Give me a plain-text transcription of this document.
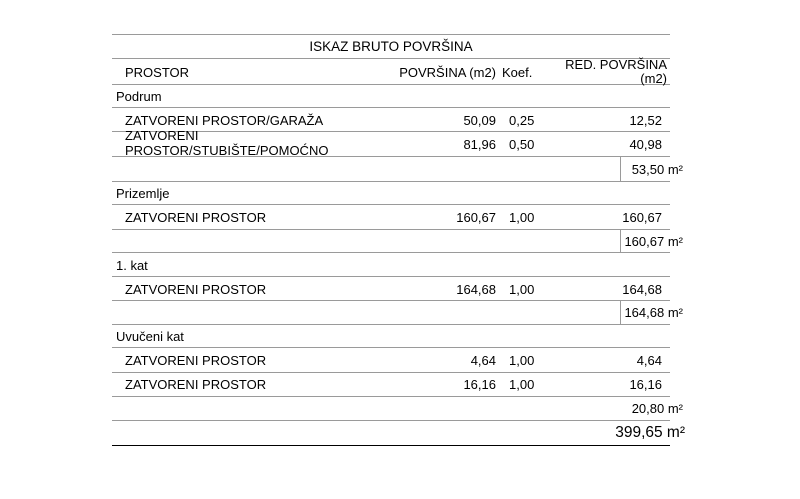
ISKAZ BRUTO POVRŠINA
PROSTOR	POVRŠINA (m2) Koef.
RED. POVRŠINA
(m2)
Podrum
ZATVORENI PROSTOR/GARAŽA	50,09 0,25	12,52
ZATVORENI
PROSTOR/STUBIŠTE/POMOĆNO	81,96 0,50	40,98
53,50 m²
Prizemlje
ZATVORENI PROSTOR	160,67 1,00	160,67
160,67 m²
1. kat
ZATVORENI PROSTOR	164,68 1,00	164,68
164,68 m²
Uvučeni kat
ZATVORENI PROSTOR	4,64 1,00	4,64
ZATVORENI PROSTOR	16,16 1,00	16,16
20,80 m²
399,65 m²
